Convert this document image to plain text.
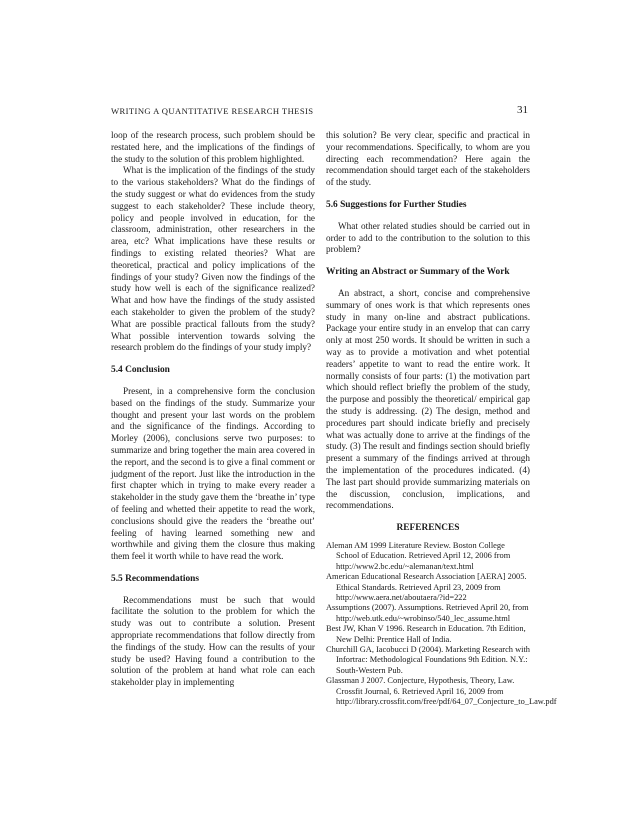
WRITING A QUANTITATIVE RESEARCH THESIS	31

loop of the research process, such problem should be restated here, and the implications of the findings of the study to the solution of this problem highlighted.

What is the implication of the findings of the study to the various stakeholders? What do the findings of the study suggest or what do evidences from the study suggest to each stakeholder? These include theory, policy and people involved in education, for the classroom, administration, other researchers in the area, etc? What implications have these results or findings to existing related theories? What are theoretical, practical and policy implications of the findings of your study? Given now the findings of the study how well is each of the significance realized? What and how have the findings of the study assisted each stakeholder to given the problem of the study? What are possible practical fallouts from the study? What possible intervention towards solving the research problem do the findings of your study imply?

5.4 Conclusion

Present, in a comprehensive form the conclusion based on the findings of the study. Summarize your thought and present your last words on the problem and the significance of the findings. According to Morley (2006), conclusions serve two purposes: to summarize and bring together the main area covered in the report, and the second is to give a final comment or judgment of the report. Just like the introduction in the first chapter which in trying to make every reader a stakeholder in the study gave them the ‘breathe in’ type of feeling and whetted their appetite to read the work, conclusions should give the readers the ‘breathe out’ feeling of having learned something new and worthwhile and giving them the closure thus making them feel it worth while to have read the work.

5.5 Recommendations

Recommendations must be such that would facilitate the solution to the problem for which the study was out to contribute a solution. Present appropriate recommendations that follow directly from the findings of the study. How can the results of your study be used? Having found a contribution to the solution of the problem at hand what role can each stakeholder play in implementing

this solution? Be very clear, specific and practical in your recommendations. Specifically, to whom are you directing each recommendation? Here again the recommendation should target each of the stakeholders of the study.

5.6 Suggestions for Further Studies

What other related studies should be carried out in order to add to the contribution to the solution to this problem?

Writing an Abstract or Summary of the Work

An abstract, a short, concise and comprehensive summary of ones work is that which represents ones study in many on-line and abstract publications. Package your entire study in an envelop that can carry only at most 250 words. It should be written in such a way as to provide a motivation and whet potential readers’ appetite to want to read the entire work. It normally consists of four parts: (1) the motivation part which should reflect briefly the problem of the study, the purpose and possibly the theoretical/ empirical gap the study is addressing. (2) The design, method and procedures part should indicate briefly and precisely what was actually done to arrive at the findings of the study. (3) The result and findings section should briefly present a summary of the findings arrived at through the implementation of the procedures indicated. (4) The last part should provide summarizing materials on the discussion, conclusion, implications, and recommendations.

REFERENCES
Aleman AM 1999 Literature Review. Boston College School of Education. Retrieved April 12, 2006 from http://www2.bc.edu/~alemanan/text.html
American Educational Research Association [AERA] 2005. Ethical Standards. Retrieved April 23, 2009 from http://www.aera.net/aboutaera/?id=222
Assumptions (2007). Assumptions. Retrieved April 20, from http://web.utk.edu/~wrobinso/540_lec_assume.html
Best JW, Khan V 1996. Research in Education. 7th Edition, New Delhi: Prentice Hall of India.
Churchill GA, Iacobucci D (2004). Marketing Research with Infortrac: Methodological Foundations 9th Edition. N.Y.: South-Western Pub.
Glassman J 2007. Conjecture, Hypothesis, Theory, Law. Crossfit Journal, 6. Retrieved April 16, 2009 from http://library.crossfit.com/free/pdf/64_07_Conjecture_to_Law.pdf
